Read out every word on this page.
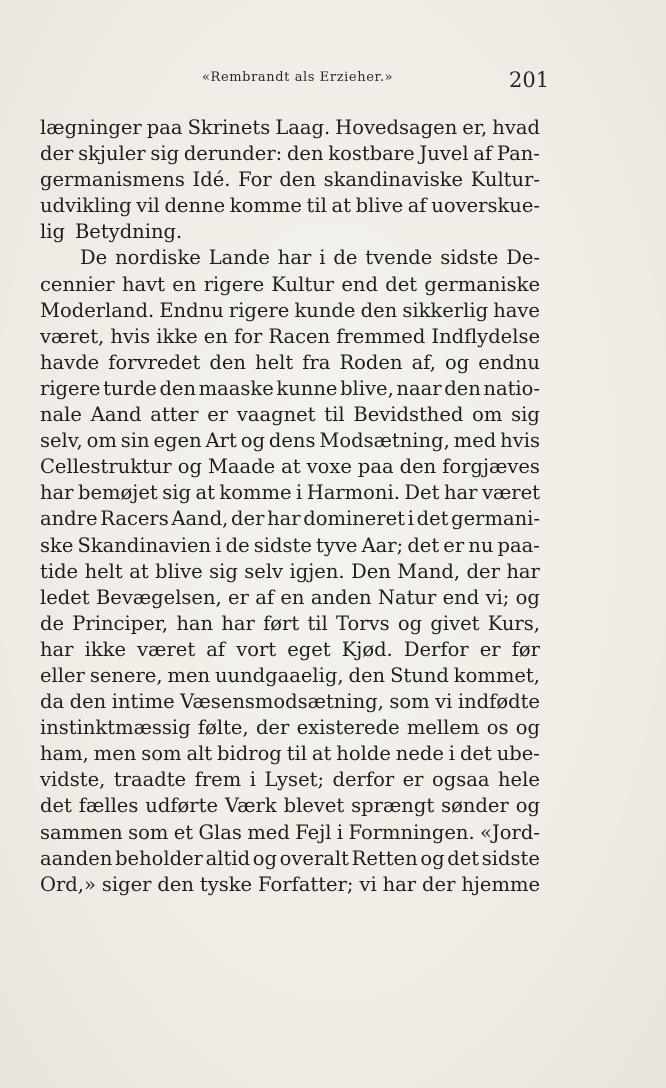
«Rembrandt als Erzieher.»	201
lægninger paa Skrinets Laag. Hovedsagen er, hvad
der skjuler sig derunder: den kostbare Juvel af Pan-
germanismens Idé. For den skandinaviske Kultur-
udvikling vil denne komme til at blive af uoverskue-
lig Betydning.
De nordiske Lande har i de tvende sidste De-
cennier havt en rigere Kultur end det germaniske
Moderland. Endnu rigere kunde den sikkerlig have
været, hvis ikke en for Racen fremmed Indflydelse
havde forvredet den helt fra Roden af, og endnu
rigere turde den maaske kunne blive, naar den natio-
nale Aand atter er vaagnet til Bevidsthed om sig
selv, om sin egen Art og dens Modsætning, med hvis
Cellestruktur og Maade at voxe paa den forgjæves
har bemøjet sig at komme i Harmoni. Det har været
andre Racers Aand, der har domineret i det germani-
ske Skandinavien i de sidste tyve Aar; det er nu paa-
tide helt at blive sig selv igjen. Den Mand, der har
ledet Bevægelsen, er af en anden Natur end vi; og
de Principer, han har ført til Torvs og givet Kurs,
har ikke været af vort eget Kjød. Derfor er før
eller senere, men uundgaaelig, den Stund kommet,
da den intime Væsensmodsætning, som vi indfødte
instinktmæssig følte, der existerede mellem os og
ham, men som alt bidrog til at holde nede i det ube-
vidste, traadte frem i Lyset; derfor er ogsaa hele
det fælles udførte Værk blevet sprængt sønder og
sammen som et Glas med Fejl i Formningen. «Jord-
aanden beholder altid og overalt Retten og det sidste
Ord,» siger den tyske Forfatter; vi har der hjemme
